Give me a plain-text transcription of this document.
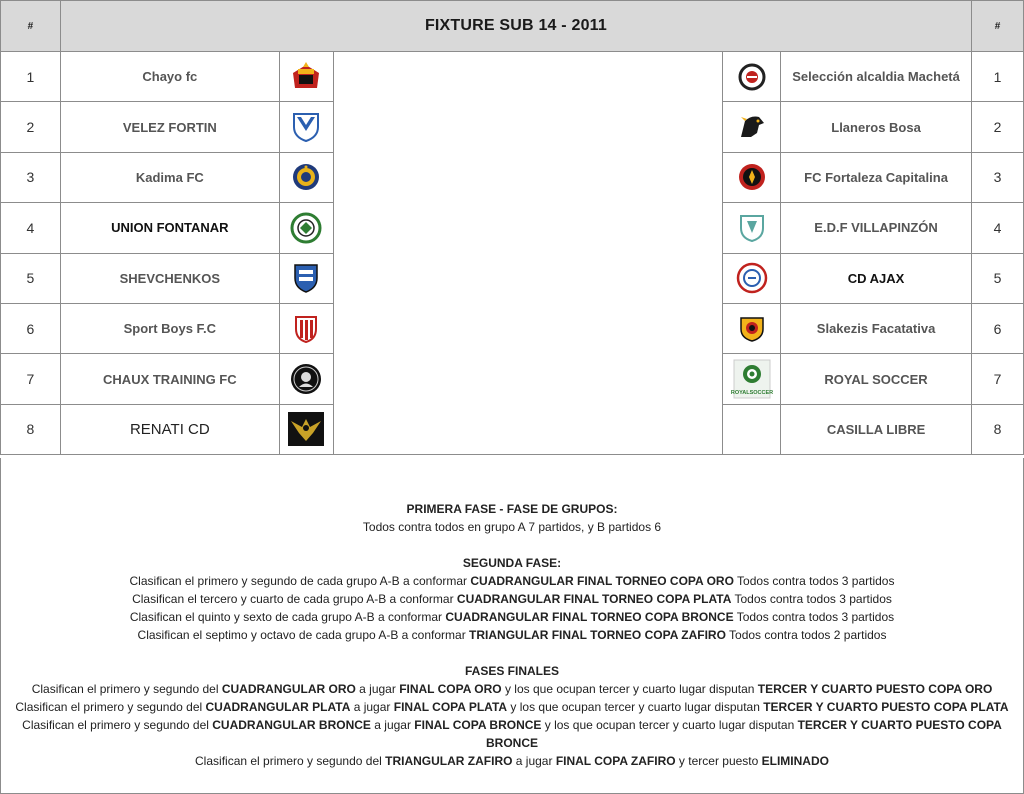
#	FIXTURE SUB 14 - 2011					#
1	Chayo fc				Selección alcaldia Machetá	1
2	VELEZ FORTIN				Llaneros Bosa	2
3	Kadima FC				FC Fortaleza Capitalina	3
4	UNION FONTANAR				E.D.F VILLAPINZÓN	4
5	SHEVCHENKOS				CD AJAX	5
6	Sport Boys F.C				Slakezis Facatativa	6
7	CHAUX TRAINING FC			ROYALSOCCER	ROYAL SOCCER	7
8	RENATI CD				CASILLA LIBRE	8

PRIMERA FASE - FASE DE GRUPOS:

Todos contra todos en grupo A 7 partidos, y B partidos 6

SEGUNDA FASE:

Clasifican el primero y segundo de cada grupo A-B a conformar CUADRANGULAR FINAL TORNEO COPA ORO Todos contra todos 3 partidos

Clasifican el tercero y cuarto de cada grupo A-B a conformar CUADRANGULAR FINAL TORNEO COPA PLATA Todos contra todos 3 partidos

Clasifican el quinto y sexto de cada grupo A-B a conformar CUADRANGULAR FINAL TORNEO COPA BRONCE Todos contra todos 3 partidos

Clasifican el septimo y octavo de cada grupo A-B a conformar TRIANGULAR FINAL TORNEO COPA ZAFIRO Todos contra todos 2 partidos

FASES FINALES

Clasifican el primero y segundo del CUADRANGULAR ORO a jugar FINAL COPA ORO y los que ocupan tercer y cuarto lugar disputan TERCER Y CUARTO PUESTO COPA ORO

Clasifican el primero y segundo del CUADRANGULAR PLATA a jugar FINAL COPA PLATA y los que ocupan tercer y cuarto lugar disputan TERCER Y CUARTO PUESTO COPA PLATA

Clasifican el primero y segundo del CUADRANGULAR BRONCE a jugar FINAL COPA BRONCE y los que ocupan tercer y cuarto lugar disputan TERCER Y CUARTO PUESTO COPA BRONCE

Clasifican el primero y segundo del TRIANGULAR ZAFIRO a jugar FINAL COPA ZAFIRO y tercer puesto ELIMINADO
